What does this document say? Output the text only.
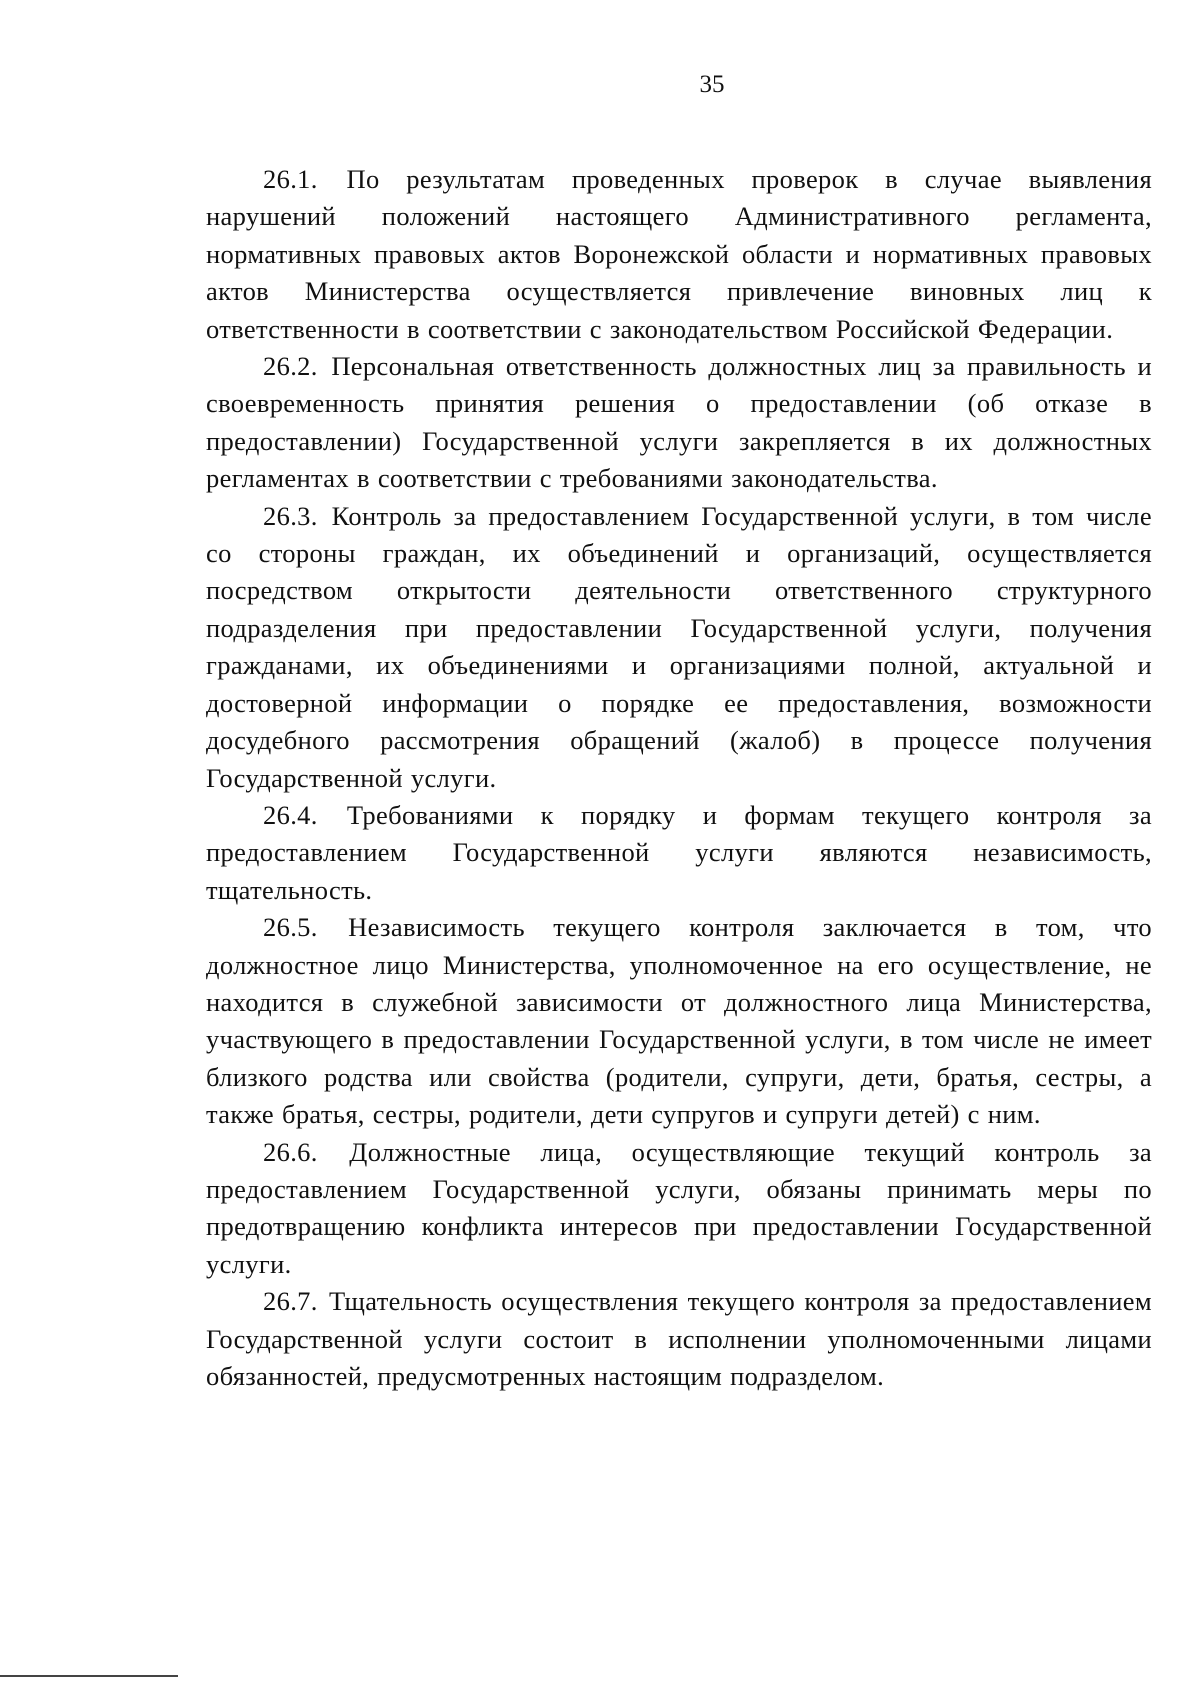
35

26.1. По результатам проведенных проверок в случае выявления нарушений положений настоящего Административного регламента, нормативных правовых актов Воронежской области и нормативных правовых актов Министерства осуществляется привлечение виновных лиц к ответственности в соответствии с законодательством Российской Федерации.

26.2. Персональная ответственность должностных лиц за правильность и своевременность принятия решения о предоставлении (об отказе в предоставлении) Государственной услуги закрепляется в их должностных регламентах в соответствии с требованиями законодательства.

26.3. Контроль за предоставлением Государственной услуги, в том числе со стороны граждан, их объединений и организаций, осуществляется посредством открытости деятельности ответственного структурного подразделения при предоставлении Государственной услуги, получения гражданами, их объединениями и организациями полной, актуальной и достоверной информации о порядке ее предоставления, возможности досудебного рассмотрения обращений (жалоб) в процессе получения Государственной услуги.

26.4. Требованиями к порядку и формам текущего контроля за предоставлением Государственной услуги являются независимость, тщательность.

26.5. Независимость текущего контроля заключается в том, что должностное лицо Министерства, уполномоченное на его осуществление, не находится в служебной зависимости от должностного лица Министерства, участвующего в предоставлении Государственной услуги, в том числе не имеет близкого родства или свойства (родители, супруги, дети, братья, сестры, а также братья, сестры, родители, дети супругов и супруги детей) с ним.

26.6. Должностные лица, осуществляющие текущий контроль за предоставлением Государственной услуги, обязаны принимать меры по предотвращению конфликта интересов при предоставлении Государственной услуги.

26.7. Тщательность осуществления текущего контроля за предоставлением Государственной услуги состоит в исполнении уполномоченными лицами обязанностей, предусмотренных настоящим подразделом.
